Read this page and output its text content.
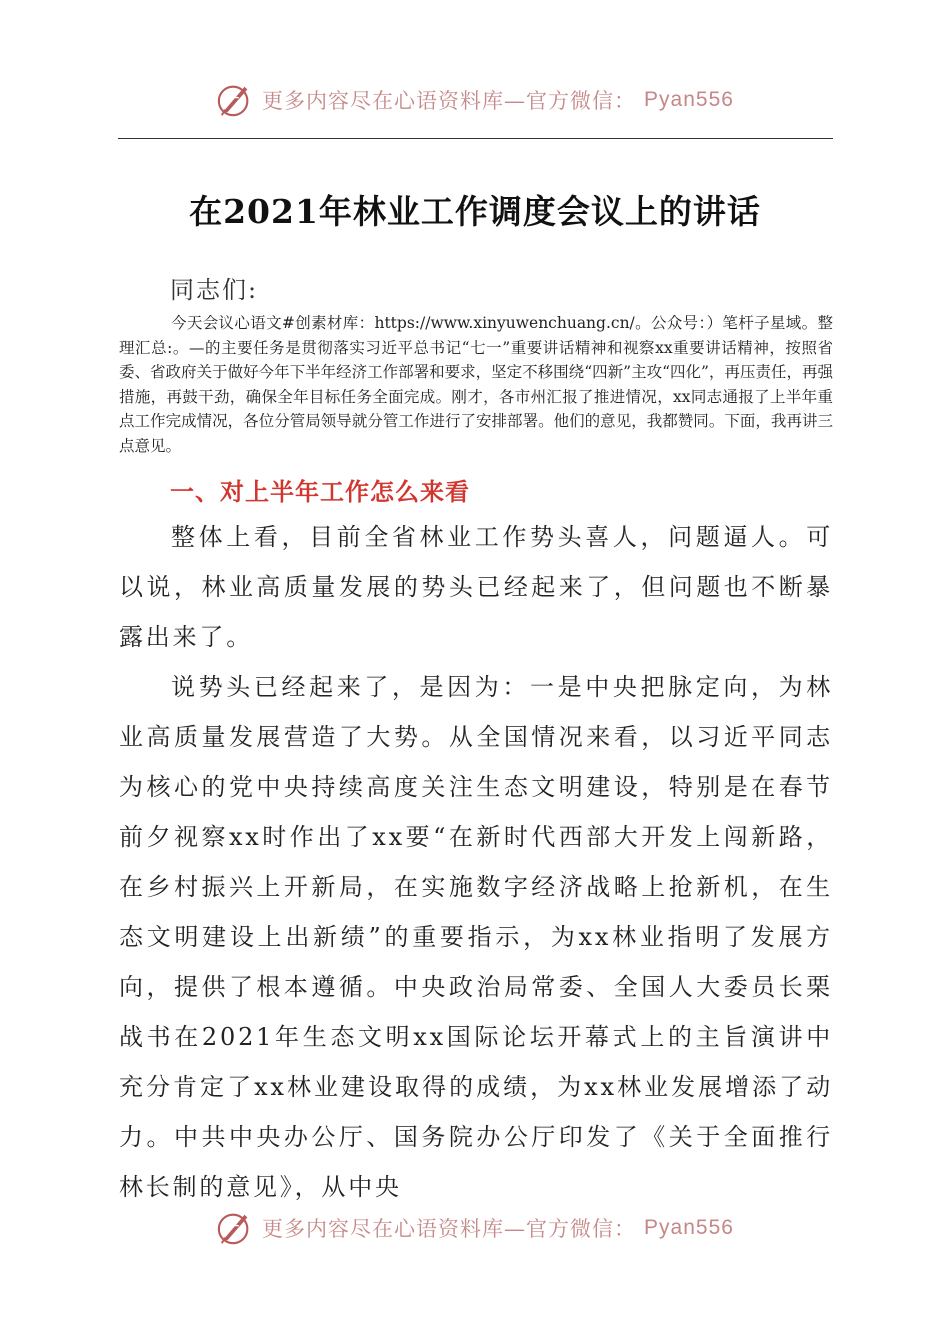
更多内容尽在心语资料库—官方微信： Pyan556
在2021年林业工作调度会议上的讲话

同志们:

今天会议心语文#创素材库：https://www.xinyuwenchuang.cn/。公众号：）笔杆子星域。整理汇总:。—的主要任务是贯彻落实习近平总书记“七一”重要讲话精神和视察xx重要讲话精神，按照省委、省政府关于做好今年下半年经济工作部署和要求，坚定不移围绕“四新”主攻“四化”，再压责任，再强措施，再鼓干劲，确保全年目标任务全面完成。刚才，各市州汇报了推进情况，xx同志通报了上半年重点工作完成情况，各位分管局领导就分管工作进行了安排部署。他们的意见，我都赞同。下面，我再讲三点意见。

一、对上半年工作怎么来看

整体上看，目前全省林业工作势头喜人，问题逼人。可以说，林业高质量发展的势头已经起来了，但问题也不断暴露出来了。

说势头已经起来了，是因为：一是中央把脉定向，为林业高质量发展营造了大势。从全国情况来看，以习近平同志为核心的党中央持续高度关注生态文明建设，特别是在春节前夕视察xx时作出了xx要“在新时代西部大开发上闯新路，在乡村振兴上开新局，在实施数字经济战略上抢新机，在生态文明建设上出新绩”的重要指示，为xx林业指明了发展方向，提供了根本遵循。中央政治局常委、全国人大委员长栗战书在2021年生态文明xx国际论坛开幕式上的主旨演讲中充分肯定了xx林业建设取得的成绩，为xx林业发展增添了动力。中共中央办公厅、国务院办公厅印发了《关于全面推行林长制的意见》，从中央

更多内容尽在心语资料库—官方微信： Pyan556
